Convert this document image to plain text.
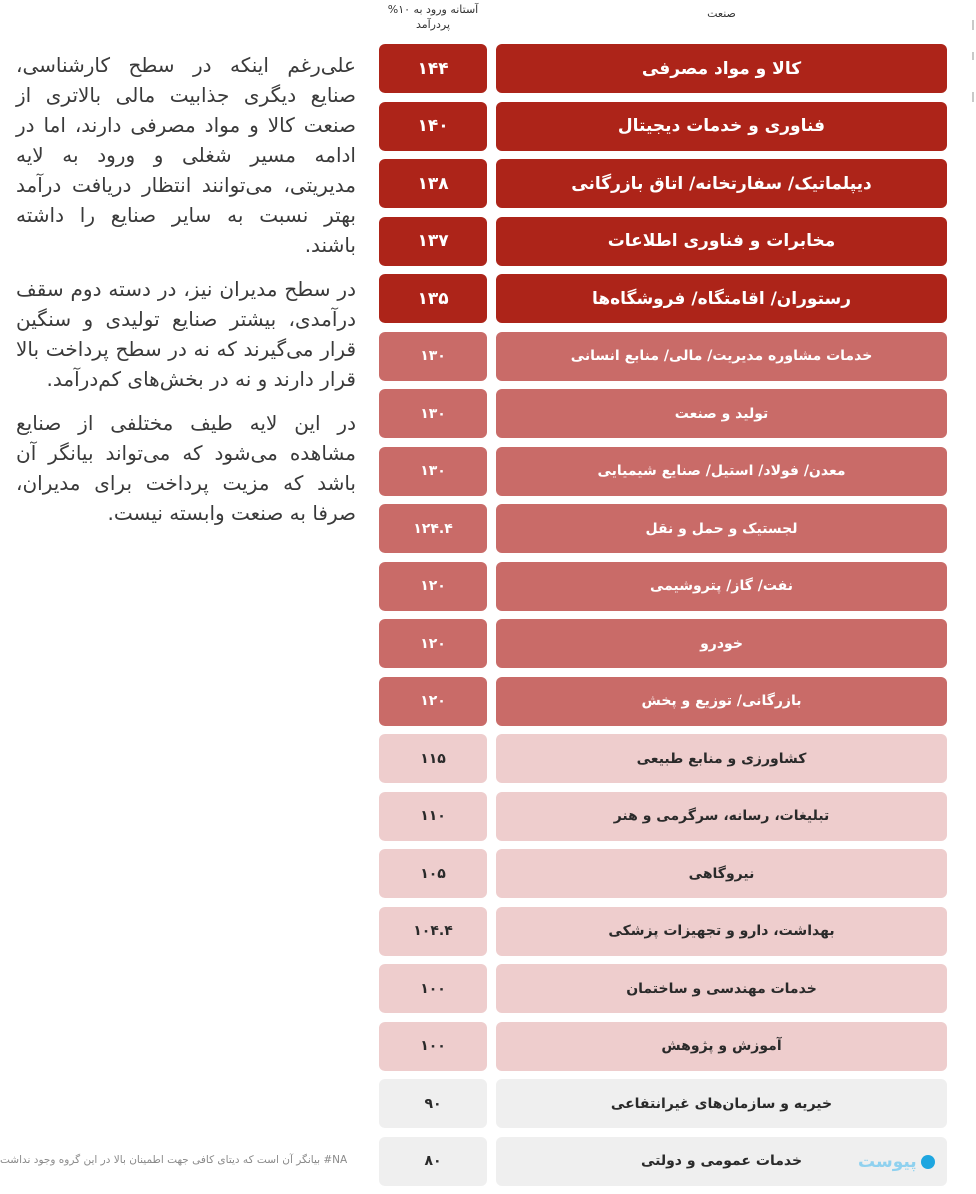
آستانه ورود به ۱۰% پردرآمد
صنعت

علی‌رغم اینکه در سطح کارشناسی، صنایع دیگری جذابیت مالی بالاتری از صنعت کالا و مواد مصرفی دارند، اما در ادامه مسیر شغلی و ورود به لایه مدیریتی، می‌توانند انتظار دریافت درآمد بهتر نسبت به سایر صنایع را داشته باشند.

در سطح مدیران نیز، در دسته دوم سقف درآمدی، بیشتر صنایع تولیدی و سنگین قرار می‌گیرند که نه در سطح پرداخت بالا قرار دارند و نه در بخش‌های کم‌درآمد.

در این لایه طیف مختلفی از صنایع مشاهده می‌شود که می‌تواند بیانگر آن باشد که مزیت پرداخت برای مدیران، صرفا به صنعت وابسته نیست.

۱۴۴	کالا و مواد مصرفی
۱۴۰	فناوری و خدمات دیجیتال
۱۳۸	دیپلماتیک/ سفارتخانه/ اتاق بازرگانی
۱۳۷	مخابرات و فناوری اطلاعات
۱۳۵	رستوران/ اقامتگاه/ فروشگاه‌ها
۱۳۰	خدمات مشاوره مدیریت/ مالی/ منابع انسانی
۱۳۰	تولید و صنعت
۱۳۰	معدن/ فولاد/ استیل/ صنایع شیمیایی
۱۲۴.۴	لجستیک و حمل و نقل
۱۲۰	نفت/ گاز/ پتروشیمی
۱۲۰	خودرو
۱۲۰	بازرگانی/ توزیع و پخش
۱۱۵	کشاورزی و منابع طبیعی
۱۱۰	تبلیغات، رسانه، سرگرمی و هنر
۱۰۵	نیروگاهی
۱۰۴.۴	بهداشت، دارو و تجهیزات پزشکی
۱۰۰	خدمات مهندسی و ساختمان
۱۰۰	آموزش و پژوهش
۹۰	خیریه و سازمان‌های غیرانتفاعی
۸۰	خدمات عمومی و دولتی
NA# بیانگر آن است که دیتای کافی جهت اطمینان بالا در این گروه وجود نداشت	پیوست
